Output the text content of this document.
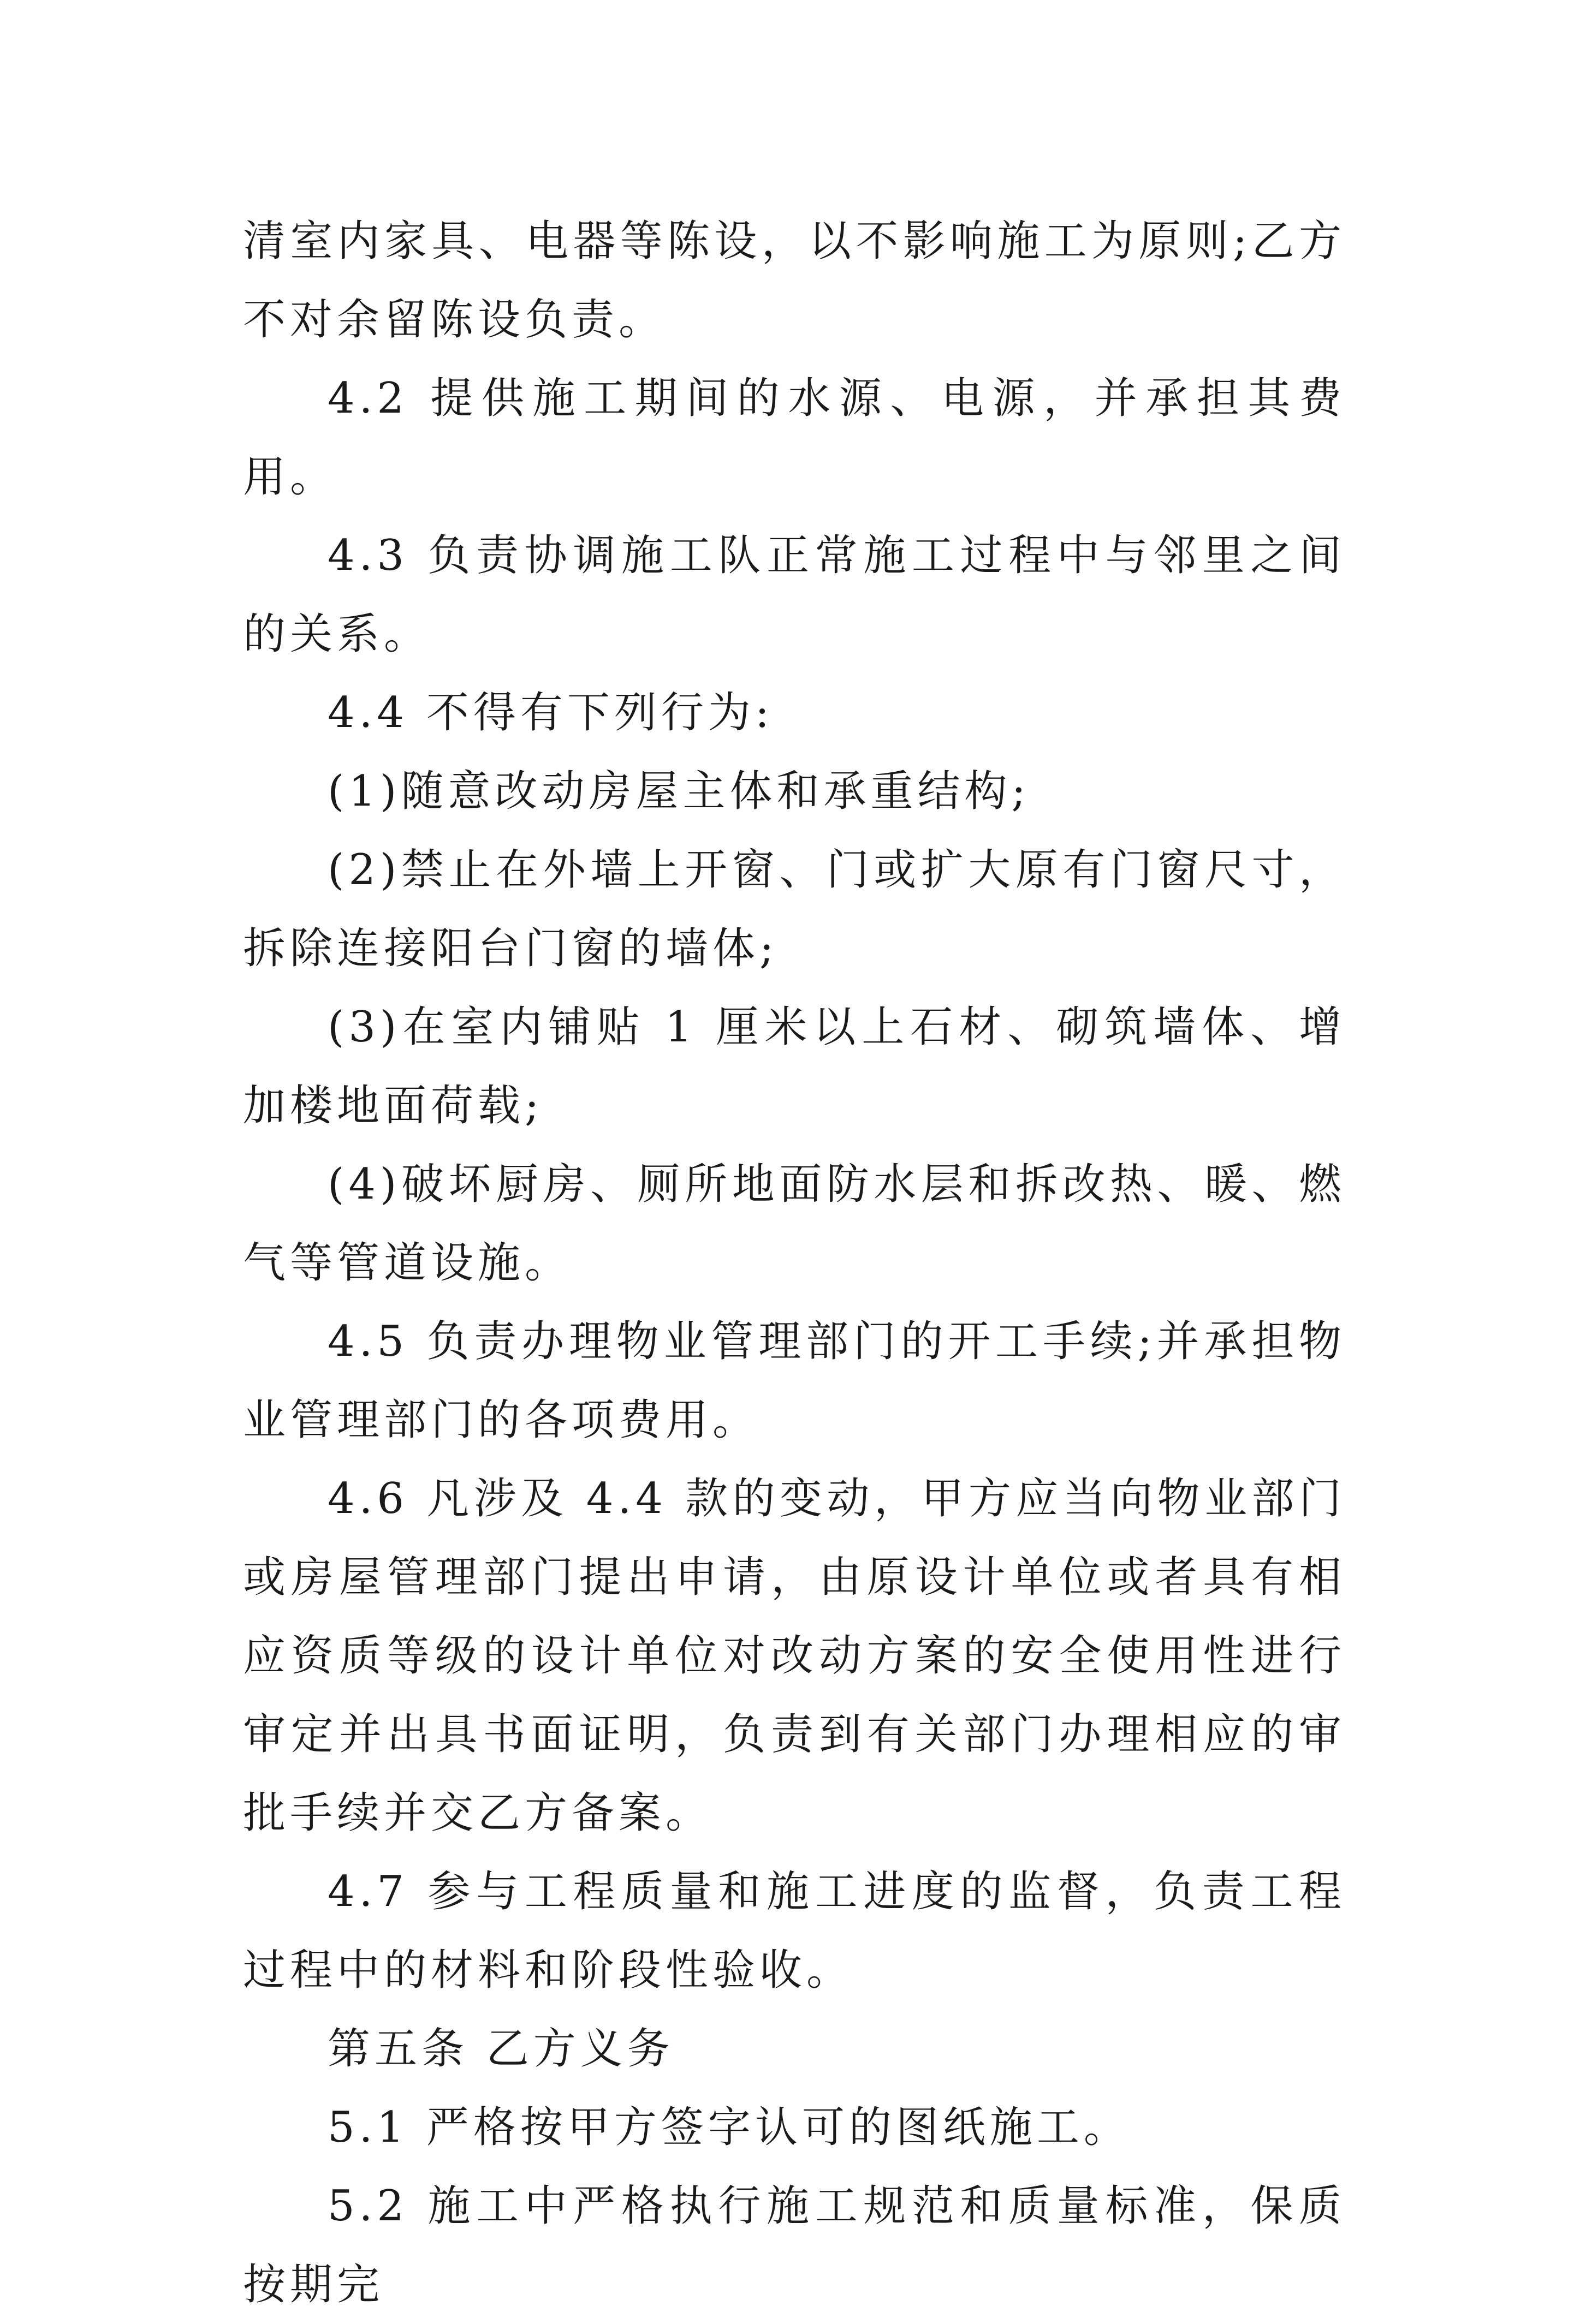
清室内家具、电器等陈设，以不影响施工为原则;乙方不对余留陈设负责。

4.2 提供施工期间的水源、电源，并承担其费用。

4.3 负责协调施工队正常施工过程中与邻里之间的关系。

4.4 不得有下列行为:

(1)随意改动房屋主体和承重结构;

(2)禁止在外墙上开窗、门或扩大原有门窗尺寸，拆除连接阳台门窗的墙体;

(3)在室内铺贴 1 厘米以上石材、砌筑墙体、增加楼地面荷载;

(4)破坏厨房、厕所地面防水层和拆改热、暖、燃气等管道设施。

4.5 负责办理物业管理部门的开工手续;并承担物业管理部门的各项费用。

4.6 凡涉及 4.4 款的变动，甲方应当向物业部门或房屋管理部门提出申请，由原设计单位或者具有相应资质等级的设计单位对改动方案的安全使用性进行审定并出具书面证明，负责到有关部门办理相应的审批手续并交乙方备案。

4.7 参与工程质量和施工进度的监督，负责工程过程中的材料和阶段性验收。

第五条 乙方义务

5.1 严格按甲方签字认可的图纸施工。

5.2 施工中严格执行施工规范和质量标准，保质按期完
